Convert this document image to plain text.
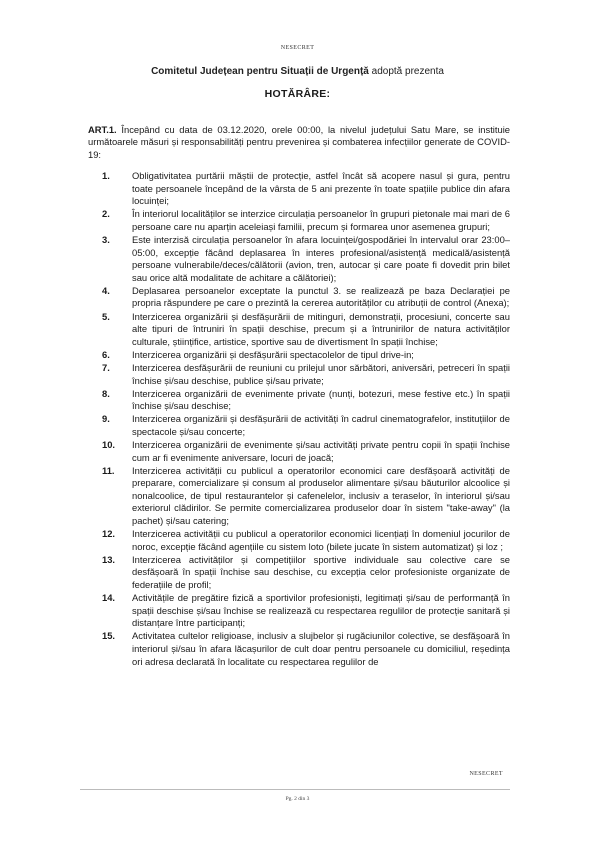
NESECRET
Comitetul Județean pentru Situații de Urgență adoptă prezenta
HOTĂRÂRE:
ART.1. Începând cu data de 03.12.2020, orele 00:00, la nivelul județului Satu Mare, se instituie următoarele măsuri și responsabilități pentru prevenirea și combaterea infecțiilor generate de COVID-19:
1. Obligativitatea purtării măștii de protecție, astfel încât să acopere nasul și gura, pentru toate persoanele începând de la vârsta de 5 ani prezente în toate spațiile publice din afara locuinței;
2. În interiorul localităților se interzice circulația persoanelor în grupuri pietonale mai mari de 6 persoane care nu aparțin aceleiași familii, precum și formarea unor asemenea grupuri;
3. Este interzisă circulația persoanelor în afara locuinței/gospodăriei în intervalul orar 23:00–05:00, excepție făcând deplasarea în interes profesional/asistență medicală/asistență persoane vulnerabile/deces/călătorii (avion, tren, autocar și care poate fi dovedit prin bilet sau orice altă modalitate de achitare a călătoriei);
4. Deplasarea persoanelor exceptate la punctul 3. se realizează pe baza Declarației pe propria răspundere pe care o prezintă la cererea autorităților cu atribuții de control (Anexa);
5. Interzicerea organizării și desfășurării de mitinguri, demonstrații, procesiuni, concerte sau alte tipuri de întruniri în spații deschise, precum și a întrunirilor de natura activităților culturale, științifice, artistice, sportive sau de divertisment în spații închise;
6. Interzicerea organizării și desfășurării spectacolelor de tipul drive-in;
7. Interzicerea desfășurării de reuniuni cu prilejul unor sărbători, aniversări, petreceri în spații închise și/sau deschise, publice și/sau private;
8. Interzicerea organizării de evenimente private (nunți, botezuri, mese festive etc.) în spații închise și/sau deschise;
9. Interzicerea organizării și desfășurării de activități în cadrul cinematografelor, instituțiilor de spectacole și/sau concerte;
10. Interzicerea organizării de evenimente și/sau activități private pentru copii în spații închise cum ar fi evenimente aniversare, locuri de joacă;
11. Interzicerea activității cu publicul a operatorilor economici care desfășoară activități de preparare, comercializare și consum al produselor alimentare și/sau băuturilor alcoolice și nonalcoolice, de tipul restaurantelor și cafenelelor, inclusiv a teraselor, în interiorul și/sau exteriorul clădirilor. Se permite comercializarea produselor doar în sistem "take-away" (la pachet) și/sau catering;
12. Interzicerea activității cu publicul a operatorilor economici licențiați în domeniul jocurilor de noroc, excepție făcând agențiile cu sistem loto (bilete jucate în sistem automatizat) și loz ;
13. Interzicerea activităților și competițiilor sportive individuale sau colective care se desfășoară în spații închise sau deschise, cu excepția celor profesioniste organizate de federațiile de profil;
14. Activitățile de pregătire fizică a sportivilor profesioniști, legitimați și/sau de performanță în spații deschise și/sau închise se realizează cu respectarea regulilor de protecție sanitară și distanțare între participanți;
15. Activitatea cultelor religioase, inclusiv a slujbelor și rugăciunilor colective, se desfășoară în interiorul și/sau în afara lăcașurilor de cult doar pentru persoanele cu domiciliul, reședința ori adresa declarată în localitate cu respectarea regulilor de
NESECRET
Pg. 2 din 3
